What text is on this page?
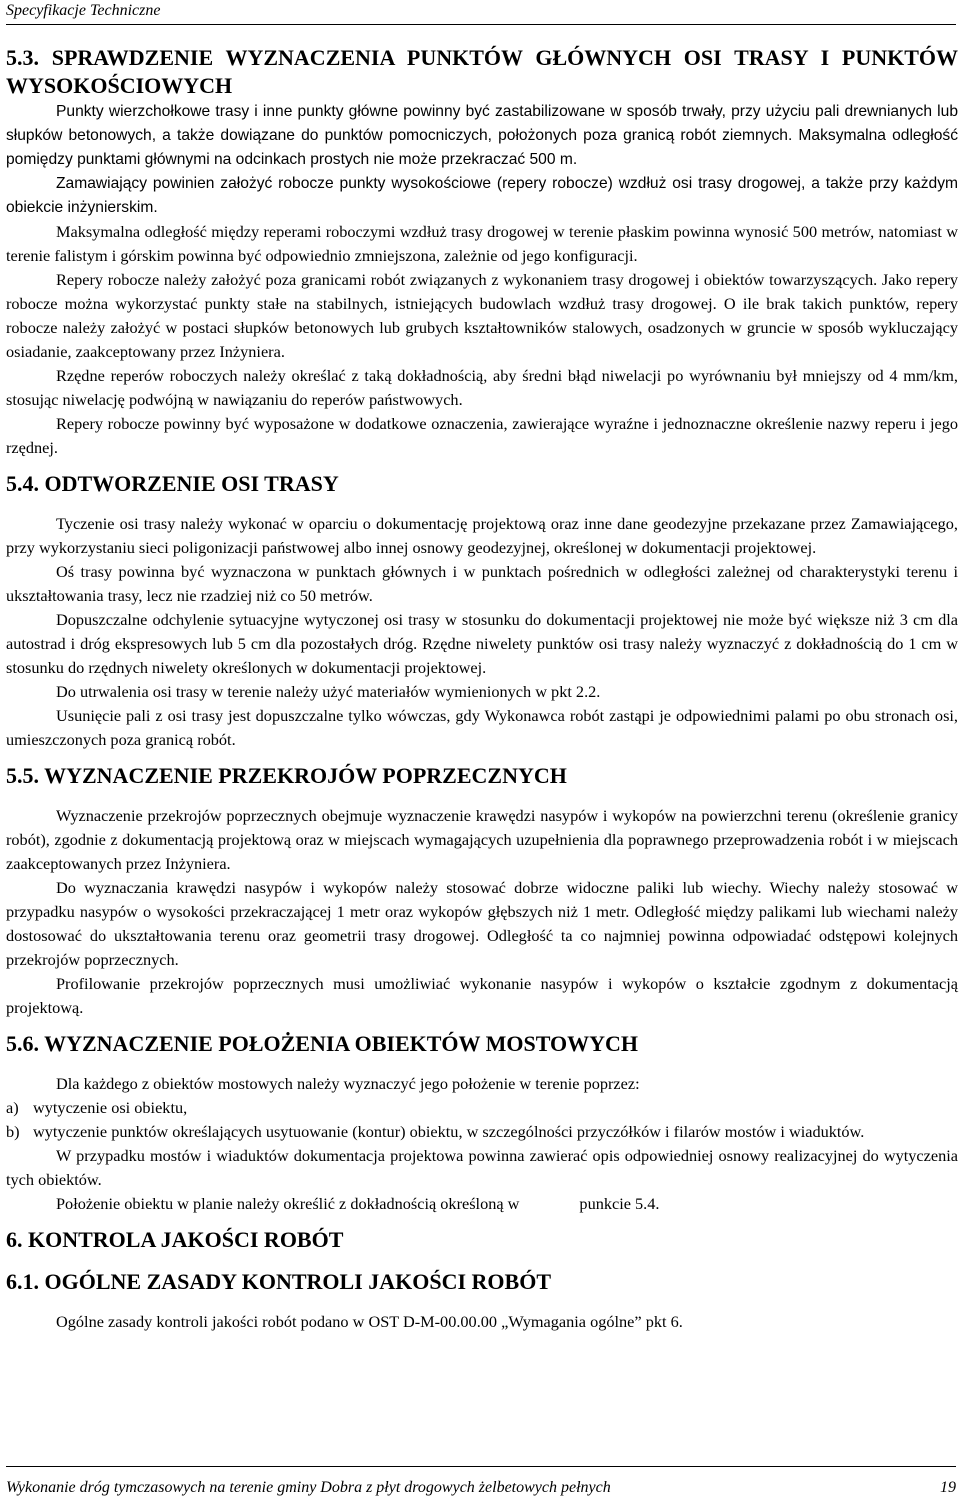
Specyfikacje Techniczne
5.3. SPRAWDZENIE WYZNACZENIA PUNKTÓW GŁÓWNYCH OSI TRASY I PUNKTÓW WYSOKOŚCIOWYCH

Punkty wierzchołkowe trasy i inne punkty główne powinny być zastabilizowane w sposób trwały, przy użyciu pali drewnianych lub słupków betonowych, a także dowiązane do punktów pomocniczych, położonych poza granicą robót ziemnych. Maksymalna odległość pomiędzy punktami głównymi na odcinkach prostych nie może przekraczać 500 m.

Zamawiający powinien założyć robocze punkty wysokościowe (repery robocze) wzdłuż osi trasy drogowej, a także przy każdym obiekcie inżynierskim.

Maksymalna odległość między reperami roboczymi wzdłuż trasy drogowej w terenie płaskim powinna wynosić 500 metrów, natomiast w terenie falistym i górskim powinna być odpowiednio zmniejszona, zależnie od jego konfiguracji.

Repery robocze należy założyć poza granicami robót związanych z wykonaniem trasy drogowej i obiektów towarzyszących. Jako repery robocze można wykorzystać punkty stałe na stabilnych, istniejących budowlach wzdłuż trasy drogowej. O ile brak takich punktów, repery robocze należy założyć w postaci słupków betonowych lub grubych kształtowników stalowych, osadzonych w gruncie w sposób wykluczający osiadanie, zaakceptowany przez Inżyniera.

Rzędne reperów roboczych należy określać z taką dokładnością, aby średni błąd niwelacji po wyrównaniu był mniejszy od 4 mm/km, stosując niwelację podwójną w nawiązaniu do reperów państwowych.

Repery robocze powinny być wyposażone w dodatkowe oznaczenia, zawierające wyraźne i jednoznaczne określenie nazwy reperu i jego rzędnej.

5.4. ODTWORZENIE OSI TRASY

Tyczenie osi trasy należy wykonać w oparciu o dokumentację projektową oraz inne dane geodezyjne przekazane przez Zamawiającego, przy wykorzystaniu sieci poligonizacji państwowej albo innej osnowy geodezyjnej, określonej w dokumentacji projektowej.

Oś trasy powinna być wyznaczona w punktach głównych i w punktach pośrednich w odległości zależnej od charakterystyki terenu i ukształtowania trasy, lecz nie rzadziej niż co 50 metrów.

Dopuszczalne odchylenie sytuacyjne wytyczonej osi trasy w stosunku do dokumentacji projektowej nie może być większe niż 3 cm dla autostrad i dróg ekspresowych lub 5 cm dla pozostałych dróg. Rzędne niwelety punktów osi trasy należy wyznaczyć z dokładnością do 1 cm w stosunku do rzędnych niwelety określonych w dokumentacji projektowej.

Do utrwalenia osi trasy w terenie należy użyć materiałów wymienionych w pkt 2.2.

Usunięcie pali z osi trasy jest dopuszczalne tylko wówczas, gdy Wykonawca robót zastąpi je odpowiednimi palami po obu stronach osi, umieszczonych poza granicą robót.

5.5. WYZNACZENIE PRZEKROJÓW POPRZECZNYCH

Wyznaczenie przekrojów poprzecznych obejmuje wyznaczenie krawędzi nasypów i wykopów na powierzchni terenu (określenie granicy robót), zgodnie z dokumentacją projektową oraz w miejscach wymagających uzupełnienia dla poprawnego przeprowadzenia robót i w miejscach zaakceptowanych przez Inżyniera.

Do wyznaczania krawędzi nasypów i wykopów należy stosować dobrze widoczne paliki lub wiechy. Wiechy należy stosować w przypadku nasypów o wysokości przekraczającej 1 metr oraz wykopów głębszych niż 1 metr. Odległość między palikami lub wiechami należy dostosować do ukształtowania terenu oraz geometrii trasy drogowej. Odległość ta co najmniej powinna odpowiadać odstępowi kolejnych przekrojów poprzecznych.

Profilowanie przekrojów poprzecznych musi umożliwiać wykonanie nasypów i wykopów o kształcie zgodnym z dokumentacją projektową.

5.6. WYZNACZENIE POŁOŻENIA OBIEKTÓW MOSTOWYCH

Dla każdego z obiektów mostowych należy wyznaczyć jego położenie w terenie poprzez:

a) wytyczenie osi obiektu,
b) wytyczenie punktów określających usytuowanie (kontur) obiektu, w szczególności przyczółków i filarów mostów i wiaduktów.

W przypadku mostów i wiaduktów dokumentacja projektowa powinna zawierać opis odpowiedniej osnowy realizacyjnej do wytyczenia tych obiektów.

Położenie obiektu w planie należy określić z dokładnością określoną w	punkcie 5.4.

6. KONTROLA JAKOŚCI ROBÓT
6.1. OGÓLNE ZASADY KONTROLI JAKOŚCI ROBÓT

Ogólne zasady kontroli jakości robót podano w OST D-M-00.00.00 „Wymagania ogólne” pkt 6.

Wykonanie dróg tymczasowych na terenie gminy Dobra z płyt drogowych żelbetowych pełnych	19
